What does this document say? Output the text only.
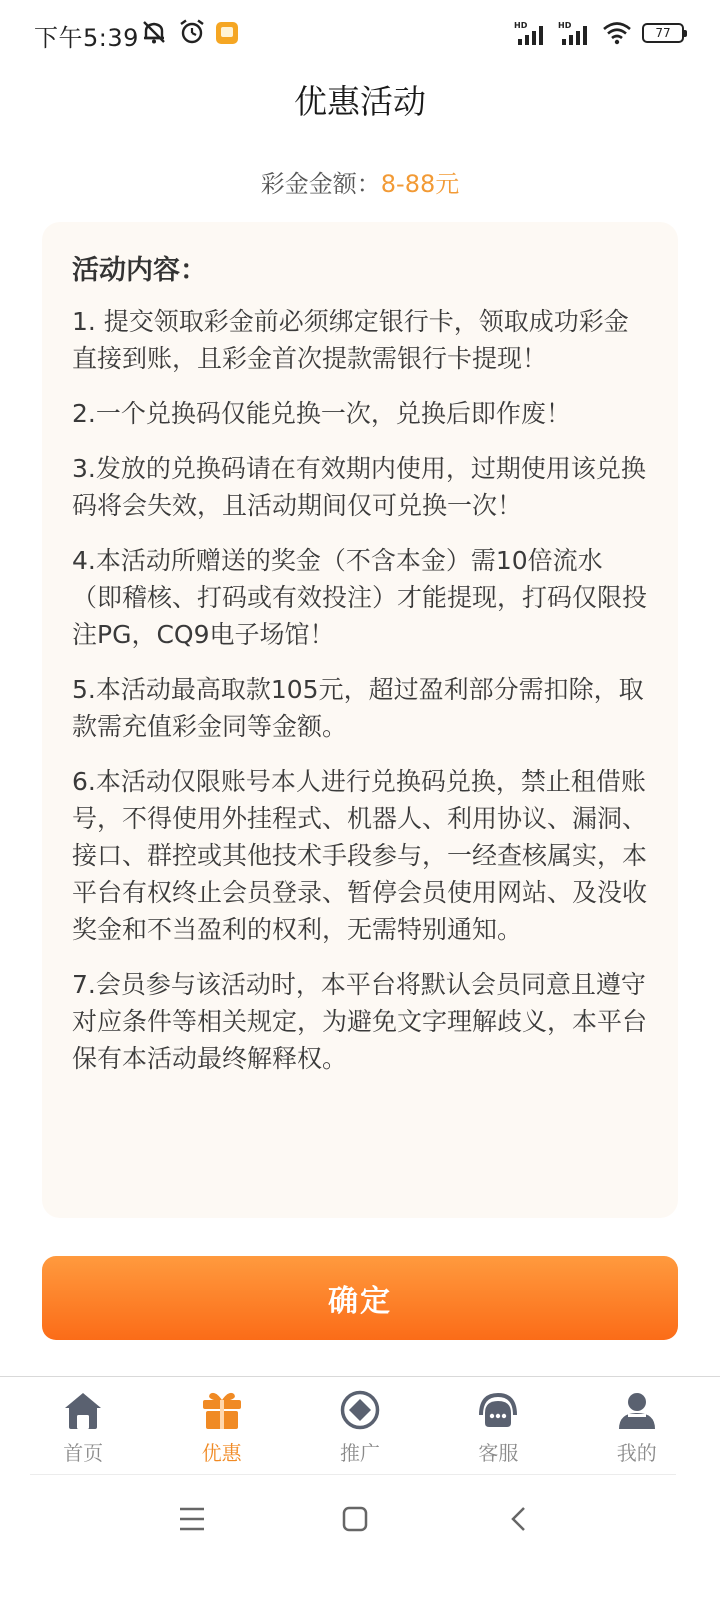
下午5:39	HD	HD
77
优惠活动
彩金金额：8-88元
活动内容：

1. 提交领取彩金前必须绑定银行卡，领取成功彩金直接到账，且彩金首次提款需银行卡提现！

2.一个兑换码仅能兑换一次，兑换后即作废！

3.发放的兑换码请在有效期内使用，过期使用该兑换码将会失效，且活动期间仅可兑换一次！

4.本活动所赠送的奖金（不含本金）需10倍流水（即稽核、打码或有效投注）才能提现，打码仅限投注PG，CQ9电子场馆！

5.本活动最高取款105元，超过盈利部分需扣除，取款需充值彩金同等金额。

6.本活动仅限账号本人进行兑换码兑换，禁止租借账号，不得使用外挂程式、机器人、利用协议、漏洞、接口、群控或其他技术手段参与，一经查核属实，本平台有权终止会员登录、暂停会员使用网站、及没收奖金和不当盈利的权利，无需特别通知。

7.会员参与该活动时，本平台将默认会员同意且遵守对应条件等相关规定，为避免文字理解歧义，本平台保有本活动最终解释权。

确定
首页	优惠	推广	客服	我的
